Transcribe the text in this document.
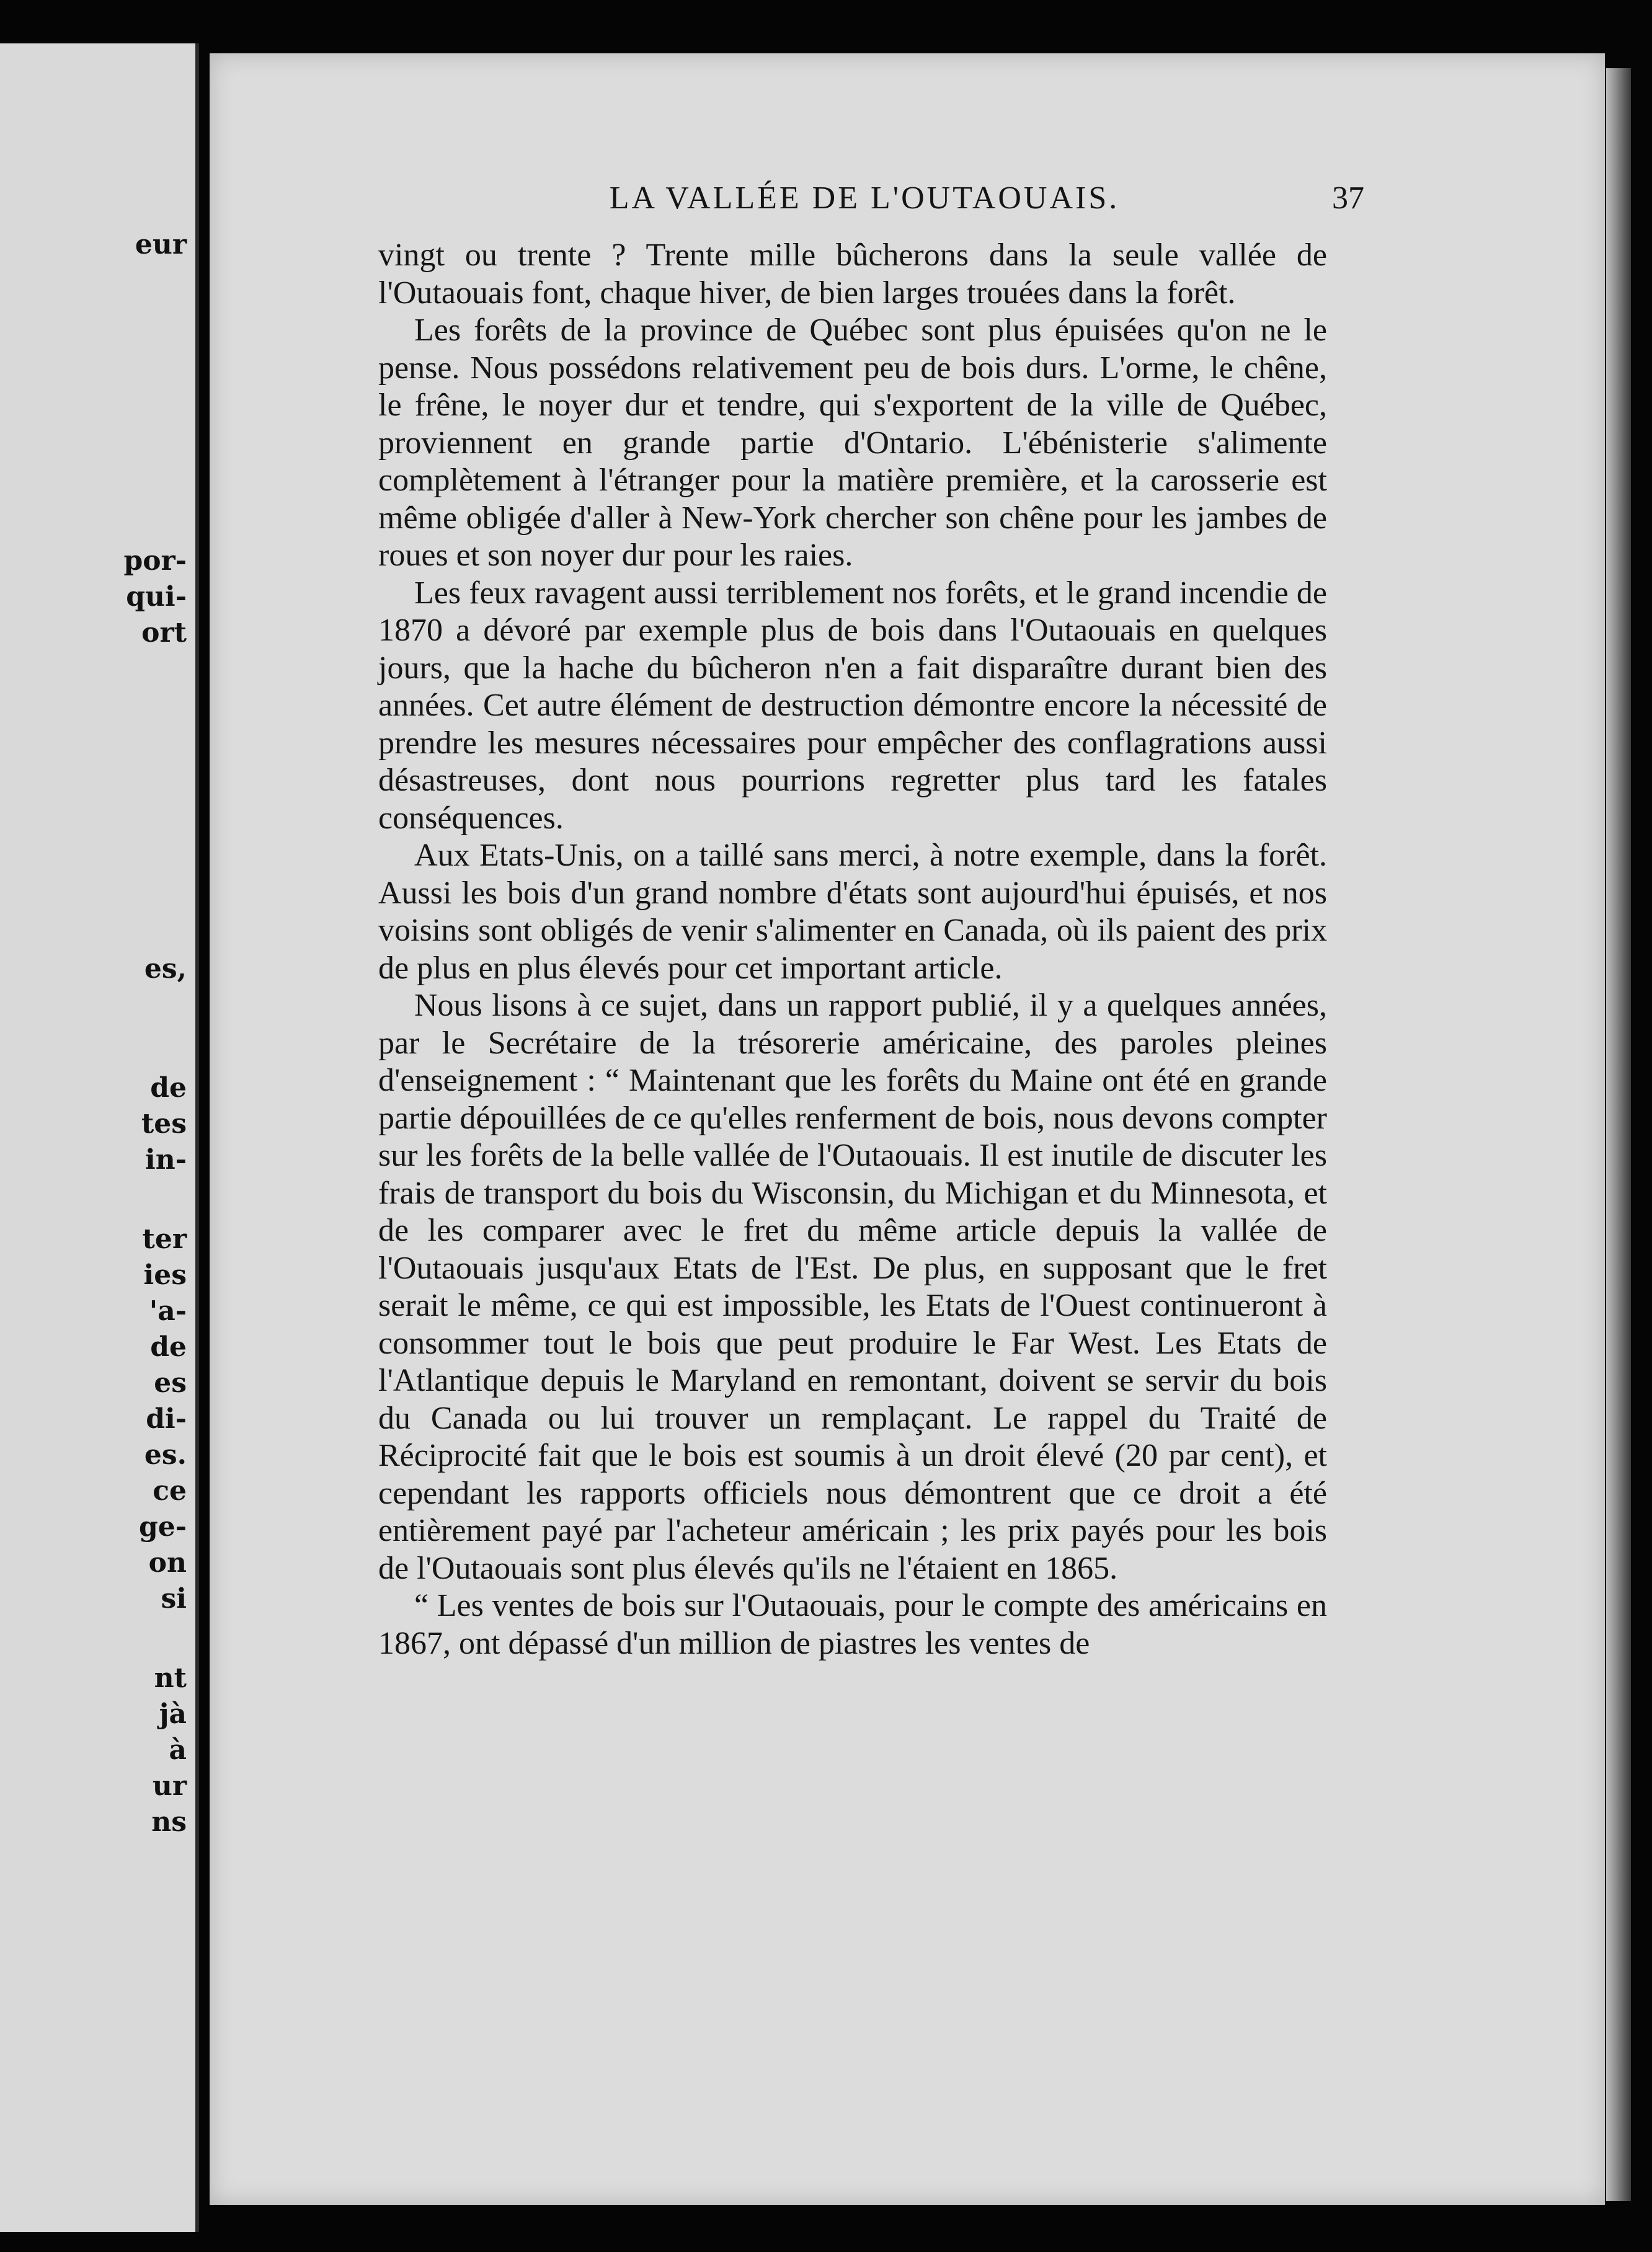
eur

por-

qui-

ort

es,

de

tes

in-

ter

ies

'a-

de

es

di-

es.

ce

ge-

on

si

nt

jà

à

ur

ns

LA VALLÉE DE L'OUTAOUAIS.	37

vingt ou trente ? Trente mille bûcherons dans la seule vallée de l'Outaouais font, chaque hiver, de bien larges trouées dans la forêt.

Les forêts de la province de Québec sont plus épuisées qu'on ne le pense. Nous possédons relativement peu de bois durs. L'orme, le chêne, le frêne, le noyer dur et tendre, qui s'exportent de la ville de Québec, proviennent en grande partie d'Ontario. L'ébénisterie s'alimente complètement à l'étranger pour la matière première, et la carosserie est même obligée d'aller à New-York chercher son chêne pour les jambes de roues et son noyer dur pour les raies.

Les feux ravagent aussi terriblement nos forêts, et le grand incendie de 1870 a dévoré par exemple plus de bois dans l'Outaouais en quelques jours, que la hache du bûcheron n'en a fait disparaître durant bien des années. Cet autre élément de destruction démontre encore la nécessité de prendre les mesures nécessaires pour empêcher des conflagrations aussi désastreuses, dont nous pourrions regretter plus tard les fatales conséquences.

Aux Etats-Unis, on a taillé sans merci, à notre exemple, dans la forêt. Aussi les bois d'un grand nombre d'états sont aujourd'hui épuisés, et nos voisins sont obligés de venir s'alimenter en Canada, où ils paient des prix de plus en plus élevés pour cet important article.

Nous lisons à ce sujet, dans un rapport publié, il y a quelques années, par le Secrétaire de la trésorerie américaine, des paroles pleines d'enseignement : “ Maintenant que les forêts du Maine ont été en grande partie dépouillées de ce qu'elles renferment de bois, nous devons compter sur les forêts de la belle vallée de l'Outaouais. Il est inutile de discuter les frais de transport du bois du Wisconsin, du Michigan et du Minnesota, et de les comparer avec le fret du même article depuis la vallée de l'Outaouais jusqu'aux Etats de l'Est. De plus, en supposant que le fret serait le même, ce qui est impossible, les Etats de l'Ouest continueront à consommer tout le bois que peut produire le Far West. Les Etats de l'Atlantique depuis le Maryland en remontant, doivent se servir du bois du Canada ou lui trouver un remplaçant. Le rappel du Traité de Réciprocité fait que le bois est soumis à un droit élevé (20 par cent), et cependant les rapports officiels nous démontrent que ce droit a été entièrement payé par l'acheteur américain ; les prix payés pour les bois de l'Outaouais sont plus élevés qu'ils ne l'étaient en 1865.

“ Les ventes de bois sur l'Outaouais, pour le compte des américains en 1867, ont dépassé d'un million de piastres les ventes de
